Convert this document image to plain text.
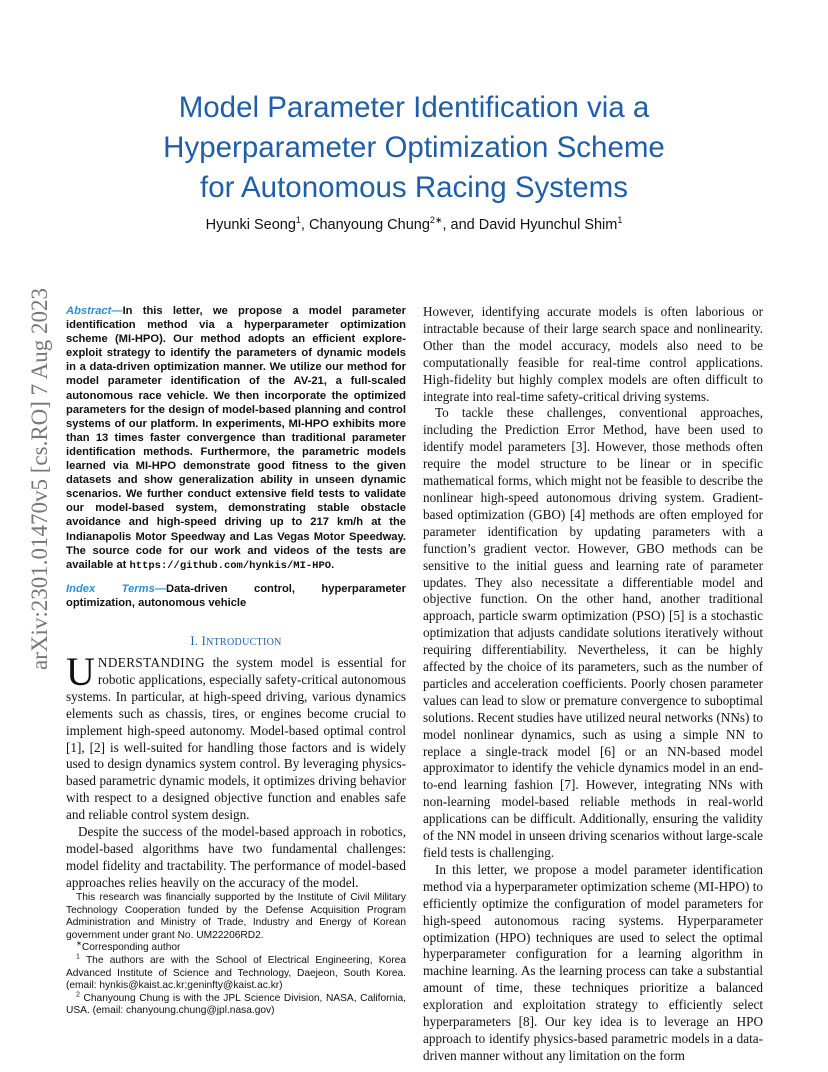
Model Parameter Identification via a
Hyperparameter Optimization Scheme
for Autonomous Racing Systems
Hyunki Seong$^1$, Chanyoung Chung$^{2∗}$, and David Hyunchul Shim$^1$
arXiv:2301.01470v5 [cs.RO] 7 Aug 2023	Abstract—In this letter, we propose a model parameter identification method via a hyperparameter optimization scheme (MI-HPO). Our method adopts an efficient explore-exploit strategy to identify the parameters of dynamic models in a data-driven optimization manner. We utilize our method for model parameter identification of the AV-21, a full-scaled autonomous race vehicle. We then incorporate the optimized parameters for the design of model-based planning and control systems of our platform. In experiments, MI-HPO exhibits more than 13 times faster convergence than traditional parameter identification methods. Furthermore, the parametric models learned via MI-HPO demonstrate good fitness to the given datasets and show generalization ability in unseen dynamic scenarios. We further conduct extensive field tests to validate our model-based system, demonstrating stable obstacle avoidance and high-speed driving up to 217 km/h at the Indianapolis Motor Speedway and Las Vegas Motor Speedway. The source code for our work and videos of the tests are available at https://github.com/hynkis/MI-HPO.

Index Terms—Data-driven control, hyperparameter optimization, autonomous vehicle

I. INTRODUCTION

UNDERSTANDING the system model is essential for robotic applications, especially safety-critical autonomous systems. In particular, at high-speed driving, various dynamics elements such as chassis, tires, or engines become crucial to implement high-speed autonomy. Model-based optimal control [1], [2] is well-suited for handling those factors and is widely used to design dynamics system control. By leveraging physics-based parametric dynamic models, it optimizes driving behavior with respect to a designed objective function and enables safe and reliable control system design.

Despite the success of the model-based approach in robotics, model-based algorithms have two fundamental challenges: model fidelity and tractability. The performance of model-based approaches relies heavily on the accuracy of the model.

This research was financially supported by the Institute of Civil Military Technology Cooperation funded by the Defense Acquisition Program Administration and Ministry of Trade, Industry and Energy of Korean government under grant No. UM22206RD2.

∗Corresponding author

$^1$ The authors are with the School of Electrical Engineering, Korea Advanced Institute of Science and Technology, Daejeon, South Korea. (email: hynkis@kaist.ac.kr;geninfty@kaist.ac.kr)

$^2$ Chanyoung Chung is with the JPL Science Division, NASA, California, USA. (email: chanyoung.chung@jpl.nasa.gov)

However, identifying accurate models is often laborious or intractable because of their large search space and nonlinearity. Other than the model accuracy, models also need to be computationally feasible for real-time control applications. High-fidelity but highly complex models are often difficult to integrate into real-time safety-critical driving systems.

To tackle these challenges, conventional approaches, including the Prediction Error Method, have been used to identify model parameters [3]. However, those methods often require the model structure to be linear or in specific mathematical forms, which might not be feasible to describe the nonlinear high-speed autonomous driving system. Gradient-based optimization (GBO) [4] methods are often employed for parameter identification by updating parameters with a function’s gradient vector. However, GBO methods can be sensitive to the initial guess and learning rate of parameter updates. They also necessitate a differentiable model and objective function. On the other hand, another traditional approach, particle swarm optimization (PSO) [5] is a stochastic optimization that adjusts candidate solutions iteratively without requiring differentiability. Nevertheless, it can be highly affected by the choice of its parameters, such as the number of particles and acceleration coefficients. Poorly chosen parameter values can lead to slow or premature convergence to suboptimal solutions. Recent studies have utilized neural networks (NNs) to model nonlinear dynamics, such as using a simple NN to replace a single-track model [6] or an NN-based model approximator to identify the vehicle dynamics model in an end-to-end learning fashion [7]. However, integrating NNs with non-learning model-based reliable methods in real-world applications can be difficult. Additionally, ensuring the validity of the NN model in unseen driving scenarios without large-scale field tests is challenging.

In this letter, we propose a model parameter identification method via a hyperparameter optimization scheme (MI-HPO) to efficiently optimize the configuration of model parameters for high-speed autonomous racing systems. Hyperparameter optimization (HPO) techniques are used to select the optimal hyperparameter configuration for a learning algorithm in machine learning. As the learning process can take a substantial amount of time, these techniques prioritize a balanced exploration and exploitation strategy to efficiently select hyperparameters [8]. Our key idea is to leverage an HPO approach to identify physics-based parametric models in a data-driven manner without any limitation on the form
